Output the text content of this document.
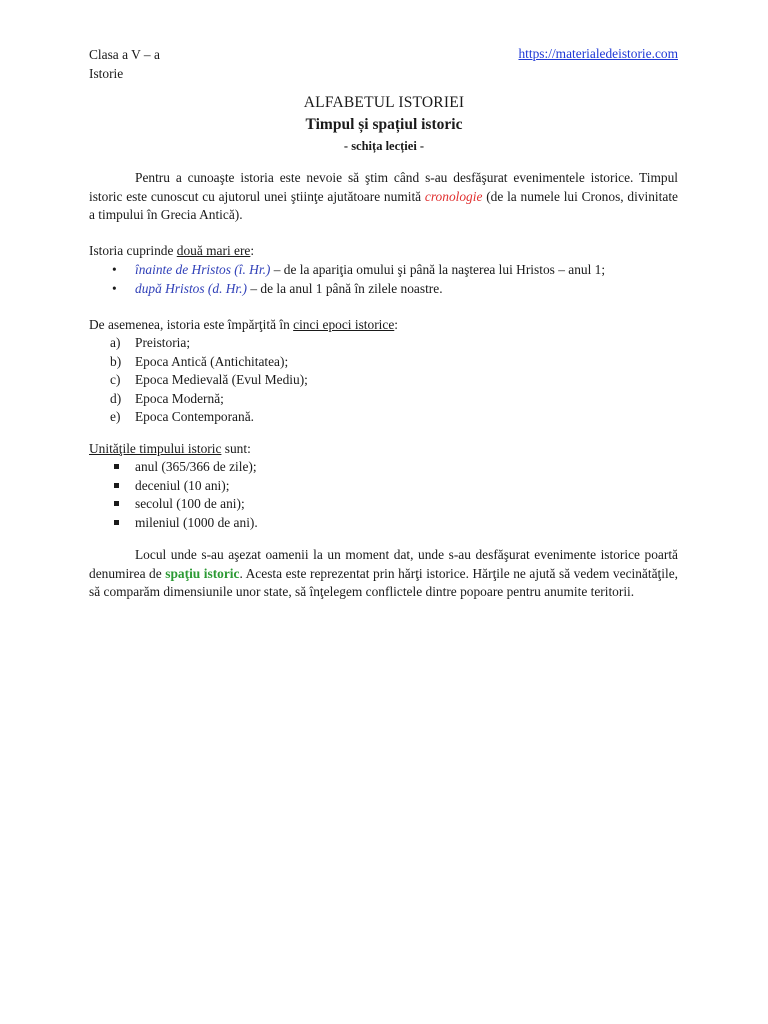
Clasa a V – a
Istorie
https://materialedeistorie.com
ALFABETUL ISTORIEI
Timpul și spațiul istoric
- schița lecției -

Pentru a cunoaşte istoria este nevoie să ştim când s-au desfăşurat evenimentele istorice. Timpul istoric este cunoscut cu ajutorul unei ştiinţe ajutătoare numită cronologie (de la numele lui Cronos, divinitate a timpului în Grecia Antică).

Istoria cuprinde două mari ere:

• înainte de Hristos (î. Hr.) – de la apariţia omului şi până la naşterea lui Hristos – anul 1;
• după Hristos (d. Hr.) – de la anul 1 până în zilele noastre.

De asemenea, istoria este împărţită în cinci epoci istorice:

a) Preistoria;
b) Epoca Antică (Antichitatea);
c) Epoca Medievală (Evul Mediu);
d) Epoca Modernă;
e) Epoca Contemporană.

Unităţile timpului istoric sunt:

anul (365/366 de zile);
deceniul (10 ani);
secolul (100 de ani);
mileniul (1000 de ani).

Locul unde s-au aşezat oamenii la un moment dat, unde s-au desfăşurat evenimente istorice poartă denumirea de spaţiu istoric. Acesta este reprezentat prin hărţi istorice. Hărţile ne ajută să vedem vecinătăţile, să comparăm dimensiunile unor state, să înţelegem conflictele dintre popoare pentru anumite teritorii.
